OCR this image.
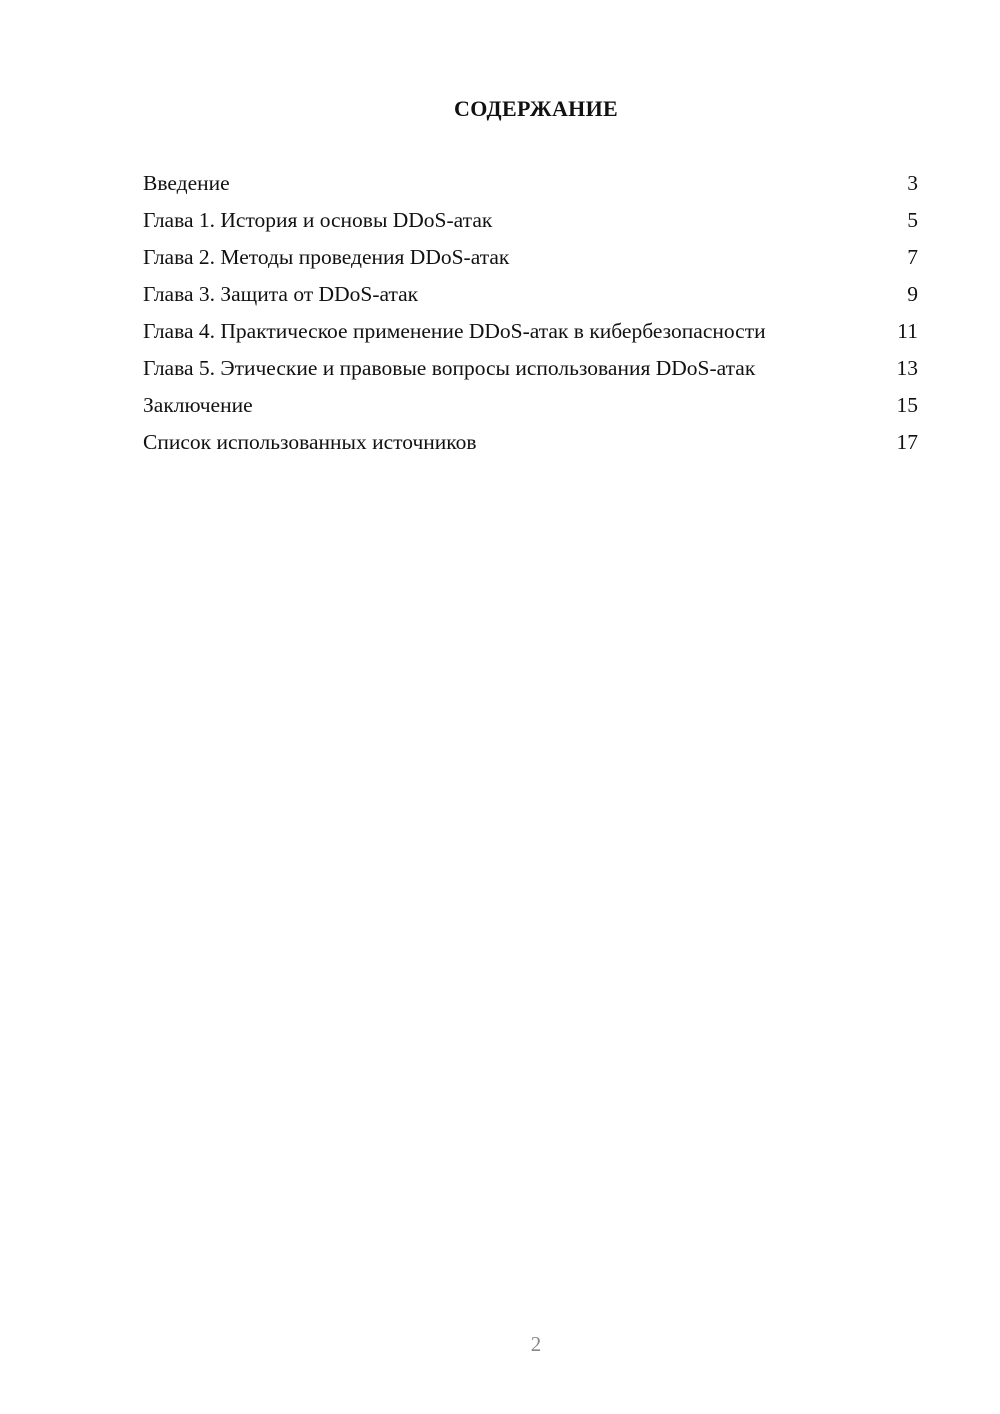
СОДЕРЖАНИЕ
Введение	3
Глава 1. История и основы DDoS-атак	5
Глава 2. Методы проведения DDoS-атак	7
Глава 3. Защита от DDoS-атак	9
Глава 4. Практическое применение DDoS-атак в кибербезопасности	11
Глава 5. Этические и правовые вопросы использования DDoS-атак	13
Заключение	15
Список использованных источников	17
2
